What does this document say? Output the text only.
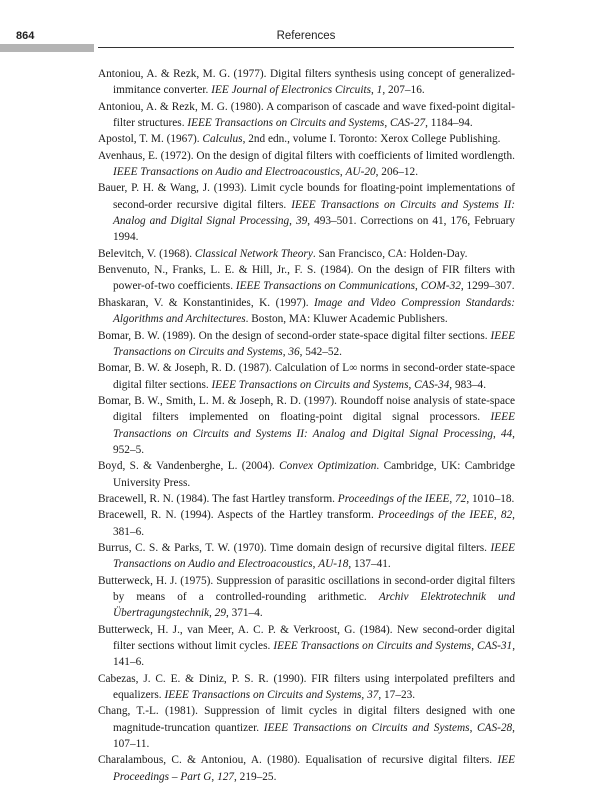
864	References
Antoniou, A. & Rezk, M. G. (1977). Digital filters synthesis using concept of generalized-immitance converter. IEE Journal of Electronics Circuits, 1, 207–16.
Antoniou, A. & Rezk, M. G. (1980). A comparison of cascade and wave fixed-point digital-filter structures. IEEE Transactions on Circuits and Systems, CAS-27, 1184–94.
Apostol, T. M. (1967). Calculus, 2nd edn., volume I. Toronto: Xerox College Publishing.
Avenhaus, E. (1972). On the design of digital filters with coefficients of limited wordlength. IEEE Transactions on Audio and Electroacoustics, AU-20, 206–12.
Bauer, P. H. & Wang, J. (1993). Limit cycle bounds for floating-point implementations of second-order recursive digital filters. IEEE Transactions on Circuits and Systems II: Analog and Digital Signal Processing, 39, 493–501. Corrections on 41, 176, February 1994.
Belevitch, V. (1968). Classical Network Theory. San Francisco, CA: Holden-Day.
Benvenuto, N., Franks, L. E. & Hill, Jr., F. S. (1984). On the design of FIR filters with power-of-two coefficients. IEEE Transactions on Communications, COM-32, 1299–307.
Bhaskaran, V. & Konstantinides, K. (1997). Image and Video Compression Standards: Algorithms and Architectures. Boston, MA: Kluwer Academic Publishers.
Bomar, B. W. (1989). On the design of second-order state-space digital filter sections. IEEE Transactions on Circuits and Systems, 36, 542–52.
Bomar, B. W. & Joseph, R. D. (1987). Calculation of L∞ norms in second-order state-space digital filter sections. IEEE Transactions on Circuits and Systems, CAS-34, 983–4.
Bomar, B. W., Smith, L. M. & Joseph, R. D. (1997). Roundoff noise analysis of state-space digital filters implemented on floating-point digital signal processors. IEEE Transactions on Circuits and Systems II: Analog and Digital Signal Processing, 44, 952–5.
Boyd, S. & Vandenberghe, L. (2004). Convex Optimization. Cambridge, UK: Cambridge University Press.
Bracewell, R. N. (1984). The fast Hartley transform. Proceedings of the IEEE, 72, 1010–18.
Bracewell, R. N. (1994). Aspects of the Hartley transform. Proceedings of the IEEE, 82, 381–6.
Burrus, C. S. & Parks, T. W. (1970). Time domain design of recursive digital filters. IEEE Transactions on Audio and Electroacoustics, AU-18, 137–41.
Butterweck, H. J. (1975). Suppression of parasitic oscillations in second-order digital filters by means of a controlled-rounding arithmetic. Archiv Elektrotechnik und Übertragungstechnik, 29, 371–4.
Butterweck, H. J., van Meer, A. C. P. & Verkroost, G. (1984). New second-order digital filter sections without limit cycles. IEEE Transactions on Circuits and Systems, CAS-31, 141–6.
Cabezas, J. C. E. & Diniz, P. S. R. (1990). FIR filters using interpolated prefilters and equalizers. IEEE Transactions on Circuits and Systems, 37, 17–23.
Chang, T.-L. (1981). Suppression of limit cycles in digital filters designed with one magnitude-truncation quantizer. IEEE Transactions on Circuits and Systems, CAS-28, 107–11.
Charalambous, C. & Antoniou, A. (1980). Equalisation of recursive digital filters. IEE Proceedings – Part G, 127, 219–25.
